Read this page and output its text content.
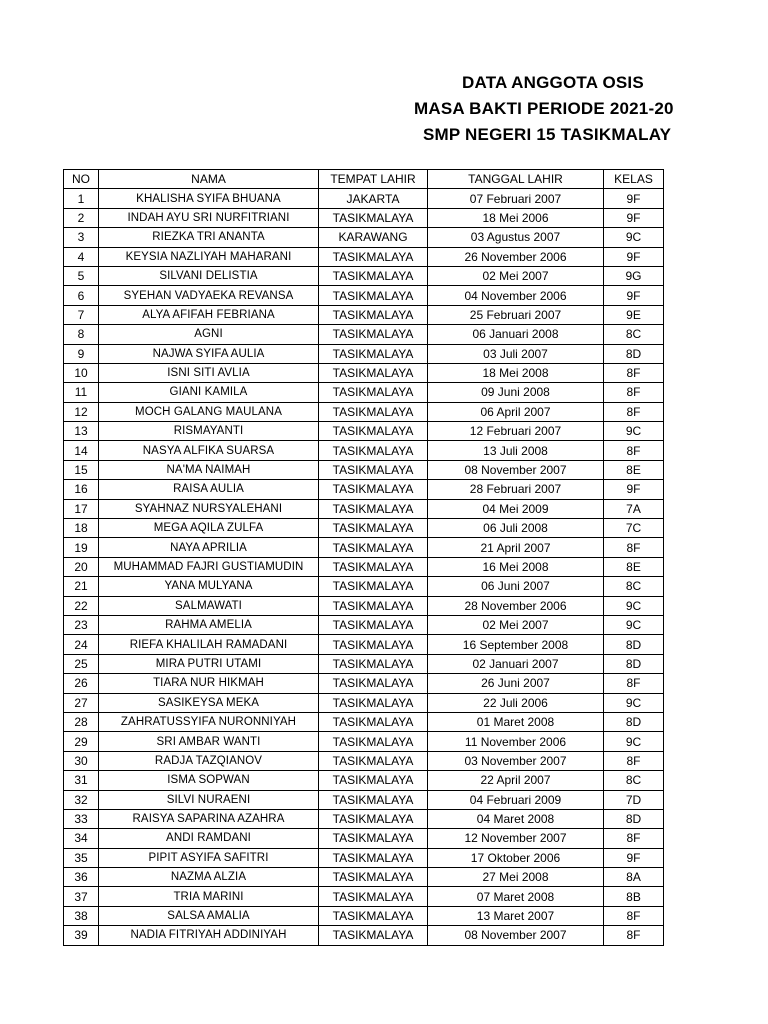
DATA ANGGOTA OSIS
MASA BAKTI PERIODE 2021-20
SMP NEGERI 15 TASIKMALAY
NO	NAMA	TEMPAT LAHIR	TANGGAL LAHIR	KELAS
1	KHALISHA SYIFA BHUANA	JAKARTA	07 Februari 2007	9F
2	INDAH AYU SRI NURFITRIANI	TASIKMALAYA	18 Mei 2006	9F
3	RIEZKA TRI ANANTA	KARAWANG	03 Agustus 2007	9C
4	KEYSIA NAZLIYAH MAHARANI	TASIKMALAYA	26 November 2006	9F
5	SILVANI DELISTIA	TASIKMALAYA	02 Mei 2007	9G
6	SYEHAN VADYAEKA REVANSA	TASIKMALAYA	04 November 2006	9F
7	ALYA AFIFAH FEBRIANA	TASIKMALAYA	25 Februari 2007	9E
8	AGNI	TASIKMALAYA	06 Januari 2008	8C
9	NAJWA SYIFA AULIA	TASIKMALAYA	03 Juli 2007	8D
10	ISNI SITI AVLIA	TASIKMALAYA	18 Mei 2008	8F
11	GIANI KAMILA	TASIKMALAYA	09 Juni 2008	8F
12	MOCH GALANG MAULANA	TASIKMALAYA	06 April 2007	8F
13	RISMAYANTI	TASIKMALAYA	12 Februari 2007	9C
14	NASYA ALFIKA SUARSA	TASIKMALAYA	13 Juli 2008	8F
15	NA'MA NAIMAH	TASIKMALAYA	08 November 2007	8E
16	RAISA AULIA	TASIKMALAYA	28 Februari 2007	9F
17	SYAHNAZ NURSYALEHANI	TASIKMALAYA	04 Mei 2009	7A
18	MEGA AQILA ZULFA	TASIKMALAYA	06 Juli 2008	7C
19	NAYA APRILIA	TASIKMALAYA	21 April 2007	8F
20	MUHAMMAD FAJRI GUSTIAMUDIN	TASIKMALAYA	16 Mei 2008	8E
21	YANA MULYANA	TASIKMALAYA	06 Juni 2007	8C
22	SALMAWATI	TASIKMALAYA	28 November 2006	9C
23	RAHMA AMELIA	TASIKMALAYA	02 Mei 2007	9C
24	RIEFA KHALILAH RAMADANI	TASIKMALAYA	16 September 2008	8D
25	MIRA PUTRI UTAMI	TASIKMALAYA	02 Januari 2007	8D
26	TIARA NUR HIKMAH	TASIKMALAYA	26 Juni 2007	8F
27	SASIKEYSA MEKA	TASIKMALAYA	22 Juli 2006	9C
28	ZAHRATUSSYIFA NURONNIYAH	TASIKMALAYA	01 Maret 2008	8D
29	SRI AMBAR WANTI	TASIKMALAYA	11 November 2006	9C
30	RADJA TAZQIANOV	TASIKMALAYA	03 November 2007	8F
31	ISMA SOPWAN	TASIKMALAYA	22 April 2007	8C
32	SILVI NURAENI	TASIKMALAYA	04 Februari 2009	7D
33	RAISYA SAPARINA AZAHRA	TASIKMALAYA	04 Maret 2008	8D
34	ANDI RAMDANI	TASIKMALAYA	12 November 2007	8F
35	PIPIT ASYIFA SAFITRI	TASIKMALAYA	17 Oktober 2006	9F
36	NAZMA ALZIA	TASIKMALAYA	27 Mei 2008	8A
37	TRIA MARINI	TASIKMALAYA	07 Maret 2008	8B
38	SALSA AMALIA	TASIKMALAYA	13 Maret 2007	8F
39	NADIA FITRIYAH ADDINIYAH	TASIKMALAYA	08 November 2007	8F
